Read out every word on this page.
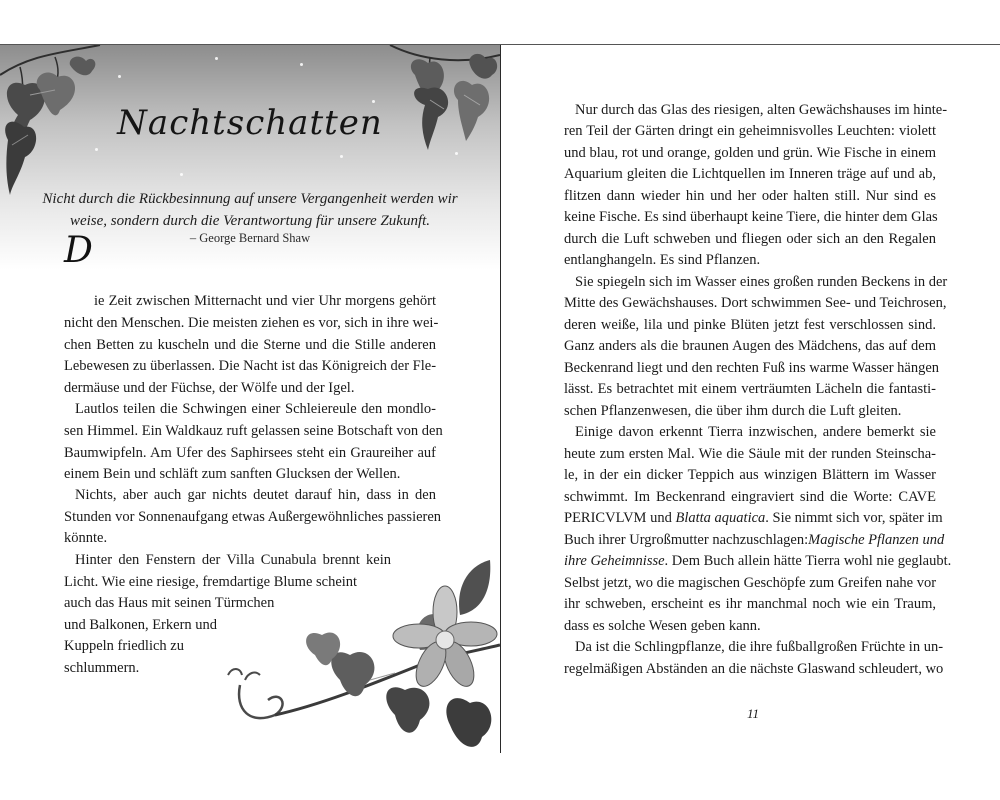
Nachtschatten
Nicht durch die Rückbesinnung auf unsere Vergangenheit werden wir
weise, sondern durch die Verantwortung für unsere Zukunft.
– George Bernard Shaw
D
ie Zeit zwischen Mitternacht und vier Uhr morgens gehört
nicht den Menschen. Die meisten ziehen es vor, sich in ihre wei-
chen Betten zu kuscheln und die Sterne und die Stille anderen
Lebewesen zu überlassen. Die Nacht ist das Königreich der Fle-
dermäuse und der Füchse, der Wölfe und der Igel.
Lautlos teilen die Schwingen einer Schleiereule den mondlo-
sen Himmel. Ein Waldkauz ruft gelassen seine Botschaft von den
Baumwipfeln. Am Ufer des Saphirsees steht ein Graureiher auf
einem Bein und schläft zum sanften Glucksen der Wellen.
Nichts, aber auch gar nichts deutet darauf hin, dass in den
Stunden vor Sonnenaufgang etwas Außergewöhnliches passieren
könnte.
Hinter den Fenstern der Villa Cunabula brennt kein
Licht. Wie eine riesige, fremdartige Blume scheint
auch das Haus mit seinen Türmchen
und Balkonen, Erkern und
Kuppeln friedlich zu
schlummern.
Nur durch das Glas des riesigen, alten Gewächshauses im hinte-
ren Teil der Gärten dringt ein geheimnisvolles Leuchten: violett
und blau, rot und orange, golden und grün. Wie Fische in einem
Aquarium gleiten die Lichtquellen im Inneren träge auf und ab,
flitzen dann wieder hin und her oder halten still. Nur sind es
keine Fische. Es sind überhaupt keine Tiere, die hinter dem Glas
durch die Luft schweben und fliegen oder sich an den Regalen
entlanghangeln. Es sind Pflanzen.
Sie spiegeln sich im Wasser eines großen runden Beckens in der
Mitte des Gewächshauses. Dort schwimmen See- und Teichrosen,
deren weiße, lila und pinke Blüten jetzt fest verschlossen sind.
Ganz anders als die braunen Augen des Mädchens, das auf dem
Beckenrand liegt und den rechten Fuß ins warme Wasser hängen
lässt. Es betrachtet mit einem verträumten Lächeln die fantasti-
schen Pflanzenwesen, die über ihm durch die Luft gleiten.
Einige davon erkennt Tierra inzwischen, andere bemerkt sie
heute zum ersten Mal. Wie die Säule mit der runden Steinscha-
le, in der ein dicker Teppich aus winzigen Blättern im Wasser
schwimmt. Im Beckenrand eingraviert sind die Worte: CAVE
PERICVLVM und
Blatta aquatica . Sie nimmt sich vor, später im
Buch ihrer Urgroßmutter nachzuschlagen: Magische Pflanzen und
ihre Geheimnisse. Dem Buch allein hätte Tierra wohl nie geglaubt.
Selbst jetzt, wo die magischen Geschöpfe zum Greifen nahe vor
ihr schweben, erscheint es ihr manchmal noch wie ein Traum,
dass es solche Wesen geben kann.
Da ist die Schlingpflanze, die ihre fußballgroßen Früchte in un-
regelmäßigen Abständen an die nächste Glaswand schleudert, wo
11
